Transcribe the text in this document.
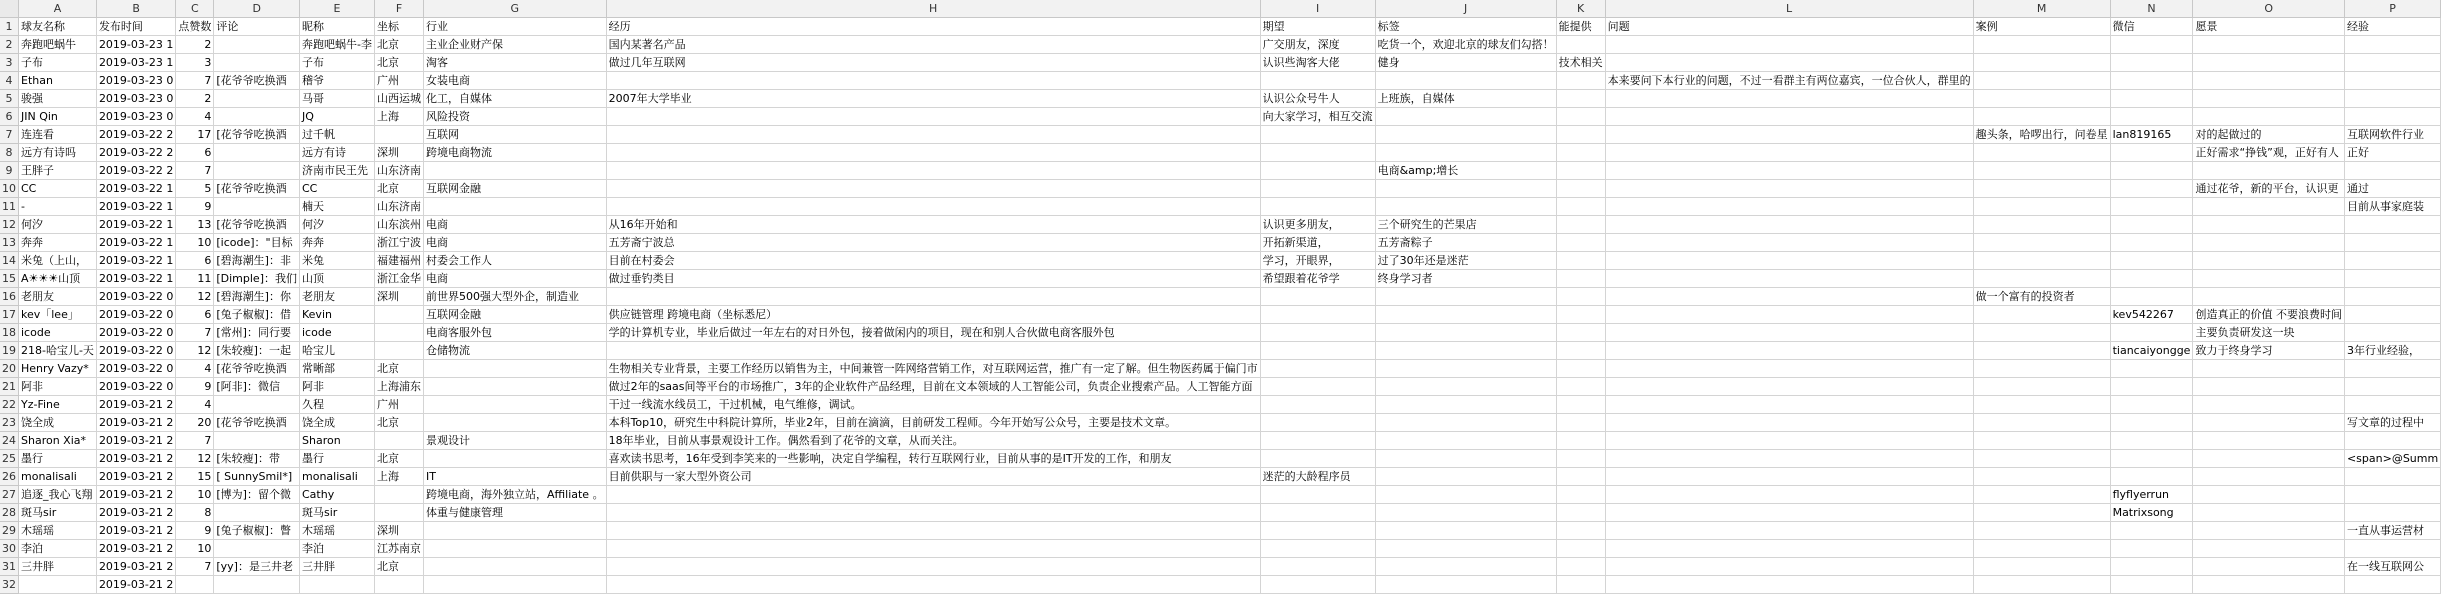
	A	B	C	D	E	F	G	H	I	J	K	L	M	N	O	P
1	球友名称	发布时间	点赞数	评论	昵称	坐标	行业	经历	期望	标签	能提供	问题	案例	微信	愿景	经验
2	奔跑吧蜗牛	2019-03-23 1	2		奔跑吧蜗牛-李	北京	主业企业财产保	国内某著名产品	广交朋友，深度	吃货一个，欢迎北京的球友们勾搭！						
3	子布	2019-03-23 1	3		子布	北京	淘客	做过几年互联网	认识些淘客大佬	健身	技术相关					
4	Ethan	2019-03-23 0	7	[花爷爷吃换酒	稽爷	广州	女装电商					本来要问下本行业的问题，不过一看群主有两位嘉宾，一位合伙人，群里的				
5	骏强	2019-03-23 0	2		马哥	山西运城	化工，自媒体	2007年大学毕业	认识公众号牛人	上班族，自媒体						
6	JIN Qin	2019-03-23 0	4		JQ	上海	风险投资		向大家学习，相互交流							
7	连连看	2019-03-22 2	17	[花爷爷吃换酒	过千帆		互联网						趣头条，哈啰出行，问卷星	lan819165	对的起做过的	互联网软件行业
8	远方有诗吗	2019-03-22 2	6		远方有诗	深圳	跨境电商物流								正好需求“挣钱”观，正好有人	正好
9	王胖子	2019-03-22 2	7		济南市民王先	山东济南				电商&amp;增长						
10	CC	2019-03-22 1	5	[花爷爷吃换酒	CC	北京	互联网金融								通过花爷，新的平台，认识更	通过
11	-	2019-03-22 1	9		楠天	山东济南										目前从事家庭装
12	何汐	2019-03-22 1	13	[花爷爷吃换酒	何汐	山东滨州	电商	从16年开始和	认识更多朋友，	三个研究生的芒果店						
13	奔奔	2019-03-22 1	10	[icode]："目标	奔奔	浙江宁波	电商	五芳斋宁波总	开拓新渠道，	五芳斋粽子						
14	米兔（上山，	2019-03-22 1	6	[碧海潮生]：非	米兔	福建福州	村委会工作人	目前在村委会	学习，开眼界，	过了30年还是迷茫						
15	A☀☀☀山顶	2019-03-22 1	11	[Dimple]：我们	山顶	浙江金华	电商	做过垂钓类目	希望跟着花爷学	终身学习者						
16	老朋友	2019-03-22 0	12	[碧海潮生]：你	老朋友	深圳	前世界500强大型外企，制造业						做一个富有的投资者			
17	kev「lee」	2019-03-22 0	6	[兔子椒椒]：借	Kevin		互联网金融	供应链管理 跨境电商（坐标悉尼）						kev542267	创造真正的价值 不要浪费时间	
18	icode	2019-03-22 0	7	[常州]：同行要	icode		电商客服外包	学的计算机专业，毕业后做过一年左右的对日外包，接着做闲内的项目，现在和别人合伙做电商客服外包							主要负责研发这一块	
19	218-哈宝儿-天	2019-03-22 0	12	[朱较瘦]：一起	哈宝儿		仓储物流							tiancaiyongge	致力于终身学习	3年行业经验，
20	Henry Vazy*	2019-03-22 0	4	[花爷爷吃换酒	常晰部	北京		生物相关专业背景，主要工作经历以销售为主，中间兼管一阵网络营销工作，对互联网运营，推广有一定了解。但生物医药属于偏门市								
21	阿非	2019-03-22 0	9	[阿非]：微信	阿非	上海浦东		做过2年的saas间等平台的市场推广，3年的企业软件产品经理，目前在文本领域的人工智能公司，负责企业搜索产品。人工智能方面								
22	Yz-Fine	2019-03-21 2	4		久程	广州		干过一线流水线员工，干过机械，电气维修，调试。								
23	饶全成	2019-03-21 2	20	[花爷爷吃换酒	饶全成	北京		本科Top10，研究生中科院计算所，毕业2年，目前在滴滴，目前研发工程师。今年开始写公众号，主要是技术文章。								写文章的过程中
24	Sharon Xia*	2019-03-21 2	7		Sharon		景观设计	18年毕业，目前从事景观设计工作。偶然看到了花爷的文章，从而关注。								
25	墨行	2019-03-21 2	12	[朱较瘦]：带	墨行	北京		喜欢读书思考，16年受到李笑来的一些影响，决定自学编程，转行互联网行业，目前从事的是IT开发的工作，和朋友								<span>@Summ
26	monalisali	2019-03-21 2	15	[ SunnySmil*]	monalisali	上海	IT	目前供职与一家大型外资公司	迷茫的大龄程序员							
27	追逐_我心飞翔	2019-03-21 2	10	[博为]：留个微	Cathy		跨境电商，海外独立站，Affiliate 。							flyflyerrun		
28	斑马sir	2019-03-21 2	8		斑马sir		体重与健康管理							Matrixsong		
29	木瑶瑶	2019-03-21 2	9	[兔子椒椒]：瞥	木瑶瑶	深圳										一直从事运营材
30	李泊	2019-03-21 2	10		李泊	江苏南京										
31	三井胖	2019-03-21 2	7	[yy]：是三井老	三井胖	北京										在一线互联网公
32		2019-03-21 2														
